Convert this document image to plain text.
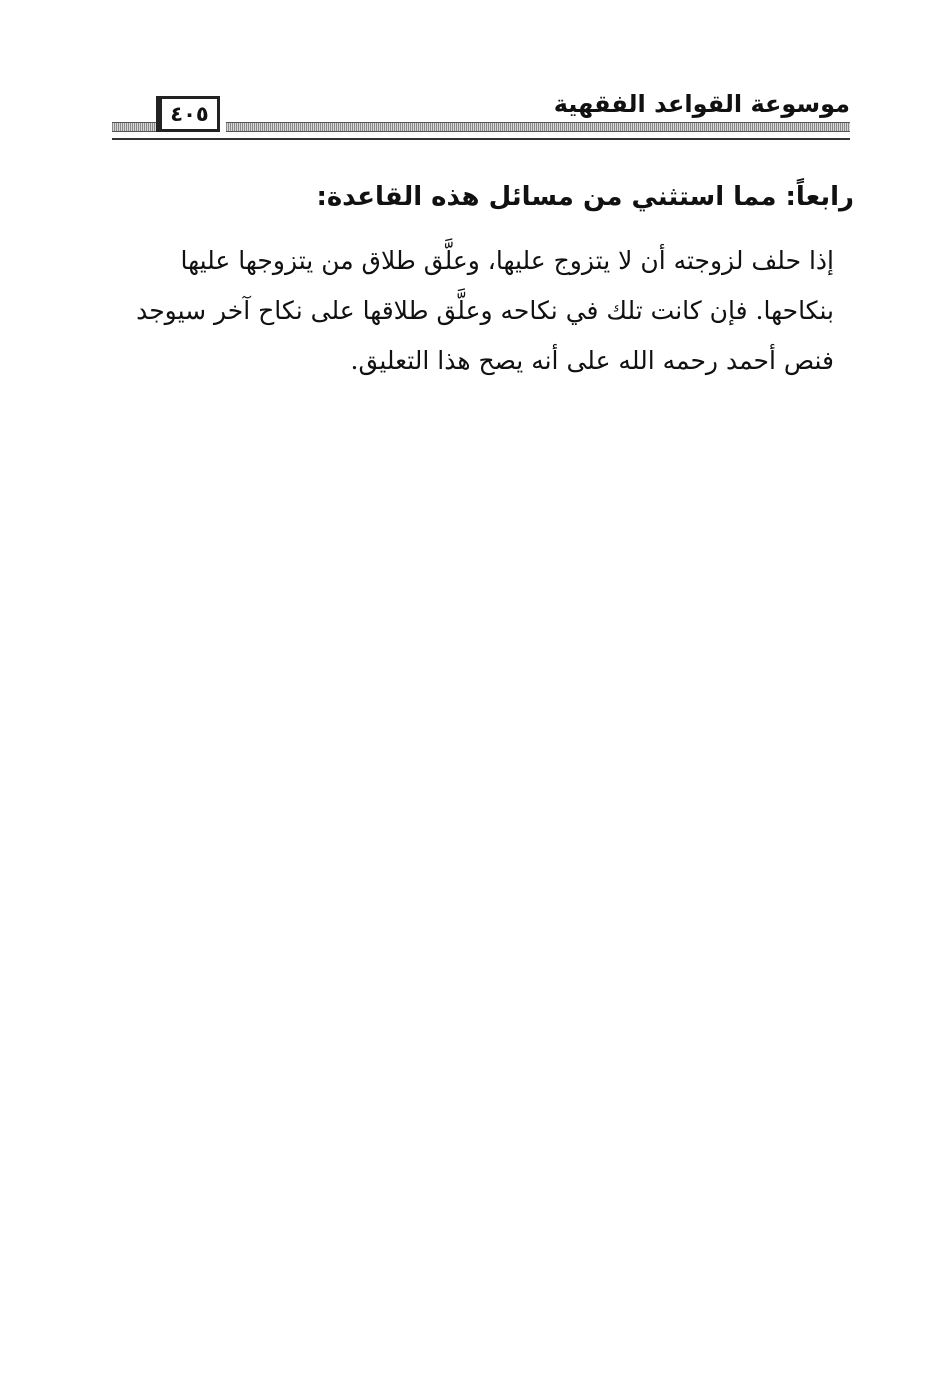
موسوعة القواعد الفقهية
٤٠٥
رابعاً: مما استثني من مسائل هذه القاعدة:
إذا حلف لزوجته أن لا يتزوج عليها، وعلَّق طلاق من يتزوجها عليها
بنكاحها. فإن كانت تلك في نكاحه وعلَّق طلاقها على نكاح آخر سيوجد
فنص أحمد رحمه الله على أنه يصح هذا التعليق.
